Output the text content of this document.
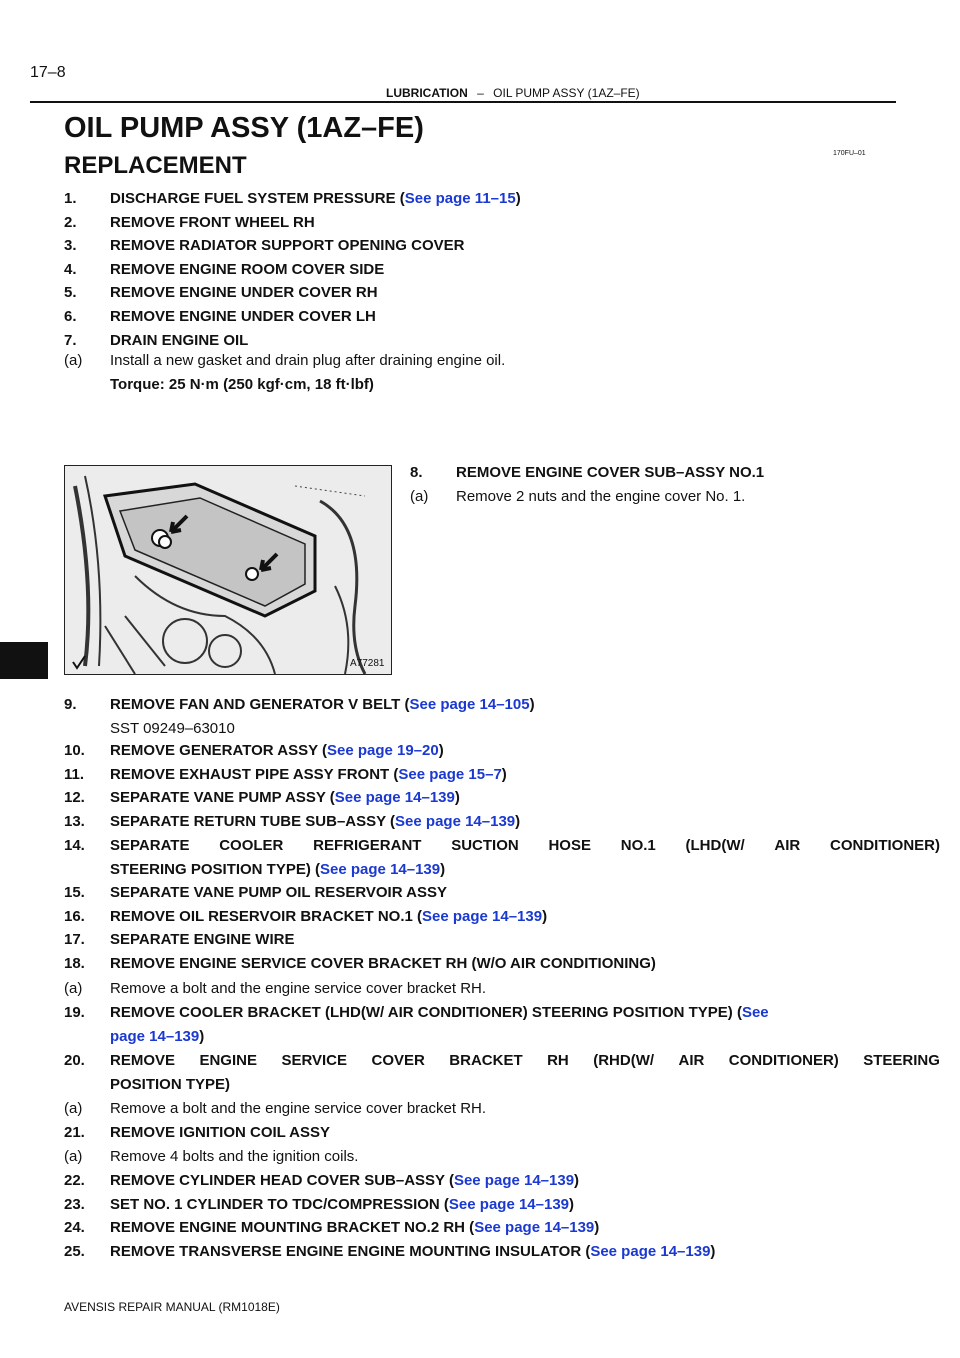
17–8
LUBRICATION – OIL PUMP ASSY (1AZ–FE)
OIL PUMP ASSY (1AZ–FE)
170FU–01
REPLACEMENT
1. DISCHARGE FUEL SYSTEM PRESSURE (See page 11–15)
2. REMOVE FRONT WHEEL RH
3. REMOVE RADIATOR SUPPORT OPENING COVER
4. REMOVE ENGINE ROOM COVER SIDE
5. REMOVE ENGINE UNDER COVER RH
6. REMOVE ENGINE UNDER COVER LH
7. DRAIN ENGINE OIL
(a) Install a new gasket and drain plug after draining engine oil.
Torque: 25 N·m (250 kgf·cm, 18 ft·lbf)
A77281
8. REMOVE ENGINE COVER SUB–ASSY NO.1
(a) Remove 2 nuts and the engine cover No. 1.
9. REMOVE FAN AND GENERATOR V BELT (See page 14–105)
SST 09249–63010
10. REMOVE GENERATOR ASSY (See page 19–20)
11. REMOVE EXHAUST PIPE ASSY FRONT (See page 15–7)
12. SEPARATE VANE PUMP ASSY (See page 14–139)
13. SEPARATE RETURN TUBE SUB–ASSY (See page 14–139)
14. SEPARATE COOLER REFRIGERANT SUCTION HOSE NO.1 (LHD(W/ AIR CONDITIONER)
STEERING POSITION TYPE) (See page 14–139)
15. SEPARATE VANE PUMP OIL RESERVOIR ASSY
16. REMOVE OIL RESERVOIR BRACKET NO.1 (See page 14–139)
17. SEPARATE ENGINE WIRE
18. REMOVE ENGINE SERVICE COVER BRACKET RH (W/O AIR CONDITIONING)
(a) Remove a bolt and the engine service cover bracket RH.
19. REMOVE COOLER BRACKET (LHD(W/ AIR CONDITIONER) STEERING POSITION TYPE) (See
page 14–139)
20. REMOVE ENGINE SERVICE COVER BRACKET RH (RHD(W/ AIR CONDITIONER) STEERING
POSITION TYPE)
(a) Remove a bolt and the engine service cover bracket RH.
21. REMOVE IGNITION COIL ASSY
(a) Remove 4 bolts and the ignition coils.
22. REMOVE CYLINDER HEAD COVER SUB–ASSY (See page 14–139)
23. SET NO. 1 CYLINDER TO TDC/COMPRESSION (See page 14–139)
24. REMOVE ENGINE MOUNTING BRACKET NO.2 RH (See page 14–139)
25. REMOVE TRANSVERSE ENGINE ENGINE MOUNTING INSULATOR (See page 14–139)
AVENSIS REPAIR MANUAL (RM1018E)
